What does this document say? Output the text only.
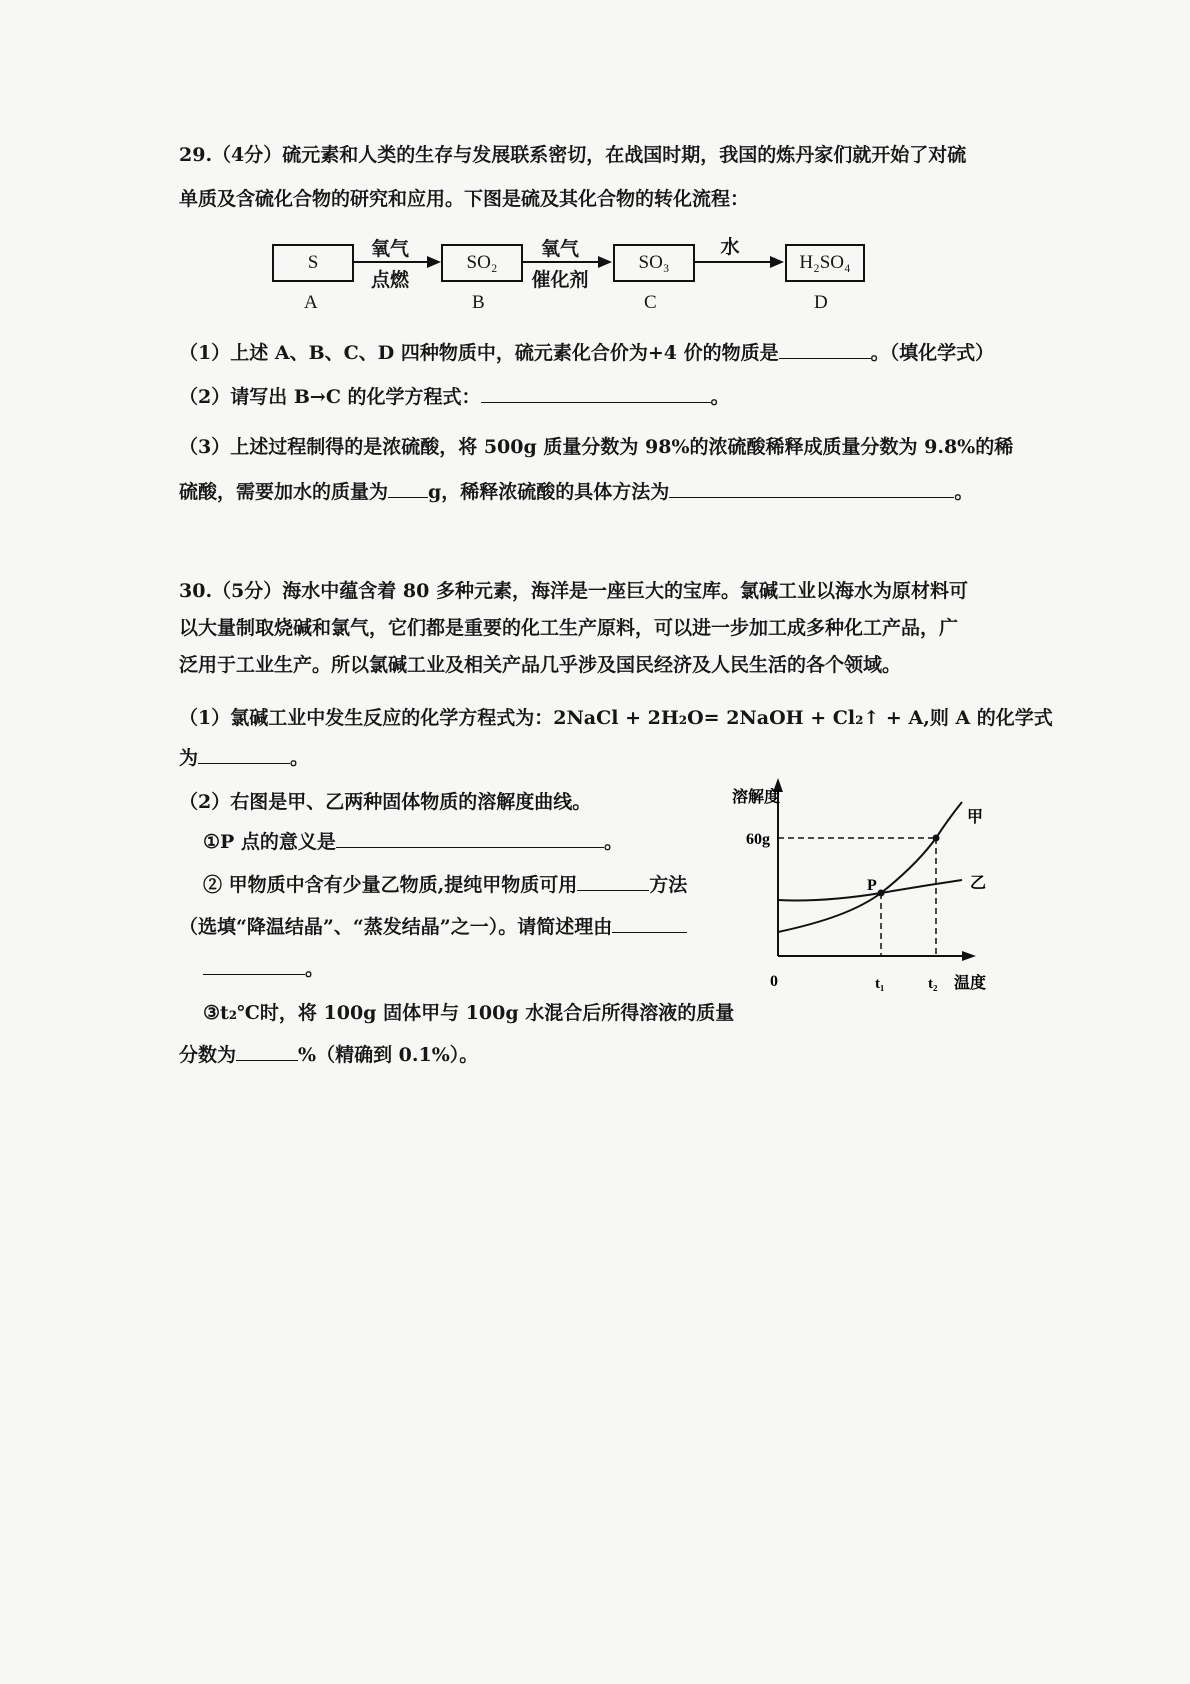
29.（4分）硫元素和人类的生存与发展联系密切，在战国时期，我国的炼丹家们就开始了对硫
单质及含硫化合物的研究和应用。下图是硫及其化合物的转化流程：
S	SO₂	SO₃	H₂SO₄
A	B	C	D
氧气
点燃
氧气
催化剂
水
（1）上述 A、B、C、D 四种物质中，硫元素化合价为+4 价的物质是	。（填化学式）
（2）请写出 B→C 的化学方程式：	。
（3）上述过程制得的是浓硫酸，将 500g 质量分数为 98%的浓硫酸稀释成质量分数为 9.8%的稀
硫酸，需要加水的质量为 g，稀释浓硫酸的具体方法为	。
30.（5分）海水中蕴含着 80 多种元素，海洋是一座巨大的宝库。氯碱工业以海水为原材料可
以大量制取烧碱和氯气，它们都是重要的化工生产原料，可以进一步加工成多种化工产品，广
泛用于工业生产。所以氯碱工业及相关产品几乎涉及国民经济及人民生活的各个领域。
（1）氯碱工业中发生反应的化学方程式为：2NaCl + 2H₂O= 2NaOH + Cl₂↑ + A,则 A 的化学式
为	。
（2）右图是甲、乙两种固体物质的溶解度曲线。
①P 点的意义是	。
② 甲物质中含有少量乙物质,提纯甲物质可用	方法
（选填“降温结晶”、“蒸发结晶”之一）。请简述理由
。
③t₂℃时，将 100g 固体甲与 100g 水混合后所得溶液的质量
分数为	%（精确到 0.1%）。
溶解度
60g
0	t₁	t₂ 温度
甲
乙
P
